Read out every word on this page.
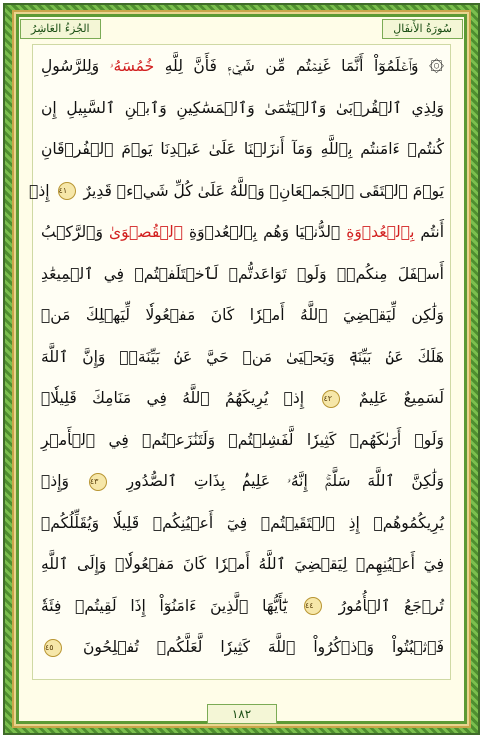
الجُزءُ العَاشِرُ	سُورَةُ الأَنفَالِ
۞ وَٱعۡلَمُوٓاْ أَنَّمَا غَنِمۡتُم مِّن شَيۡءٖ فَأَنَّ لِلَّهِ خُمُسَهُۥ وَلِلرَّسُولِ
وَلِذِي ٱلۡقُرۡبَىٰ وَٱلۡيَتَٰمَىٰ وَٱلۡمَسَٰكِينِ وَٱبۡنِ ٱلسَّبِيلِ إِن
كُنتُمۡ ءَامَنتُم بِٱللَّهِ وَمَآ أَنزَلۡنَا عَلَىٰ عَبۡدِنَا يَوۡمَ ٱلۡفُرۡقَانِ
يَوۡمَ ٱلۡتَقَى ٱلۡجَمۡعَانِۗ وَٱللَّهُ عَلَىٰ كُلِّ شَيۡءٖ قَدِيرٌ ٤١ إِذۡ
أَنتُم بِٱلۡعُدۡوَةِ ٱلدُّنۡيَا وَهُم بِٱلۡعُدۡوَةِ ٱلۡقُصۡوَىٰ وَٱلرَّكۡبُ
أَسۡفَلَ مِنكُمۡۚ وَلَوۡ تَوَاعَدتُّمۡ لَٱخۡتَلَفۡتُمۡ فِي ٱلۡمِيعَٰدِ
وَلَٰكِن لِّيَقۡضِيَ ٱللَّهُ أَمۡرٗا كَانَ مَفۡعُولٗا لِّيَهۡلِكَ مَنۡ
هَلَكَ عَنۢ بَيِّنَةٖ وَيَحۡيَىٰ مَنۡ حَيَّ عَنۢ بَيِّنَةٖۗ وَإِنَّ ٱللَّهَ
لَسَمِيعٌ عَلِيمٌ ٤٢ إِذۡ يُرِيكَهُمُ ٱللَّهُ فِي مَنَامِكَ قَلِيلٗاۖ
وَلَوۡ أَرَىٰكَهُمۡ كَثِيرٗا لَّفَشِلۡتُمۡ وَلَتَنَٰزَعۡتُمۡ فِي ٱلۡأَمۡرِ
وَلَٰكِنَّ ٱللَّهَ سَلَّمَۚ إِنَّهُۥ عَلِيمُۢ بِذَاتِ ٱلصُّدُورِ ٤٣ وَإِذۡ
يُرِيكُمُوهُمۡ إِذِ ٱلۡتَقَيۡتُمۡ فِيٓ أَعۡيُنِكُمۡ قَلِيلٗا وَيُقَلِّلُكُمۡ
فِيٓ أَعۡيُنِهِمۡ لِيَقۡضِيَ ٱللَّهُ أَمۡرٗا كَانَ مَفۡعُولٗاۗ وَإِلَى ٱللَّهِ
تُرۡجَعُ ٱلۡأُمُورُ ٤٤ يَٰٓأَيُّهَا ٱلَّذِينَ ءَامَنُوٓاْ إِذَا لَقِيتُمۡ فِئَةٗ
فَٱثۡبُتُواْ وَٱذۡكُرُواْ ٱللَّهَ كَثِيرٗا لَّعَلَّكُمۡ تُفۡلِحُونَ ٤٥
١٨٢
